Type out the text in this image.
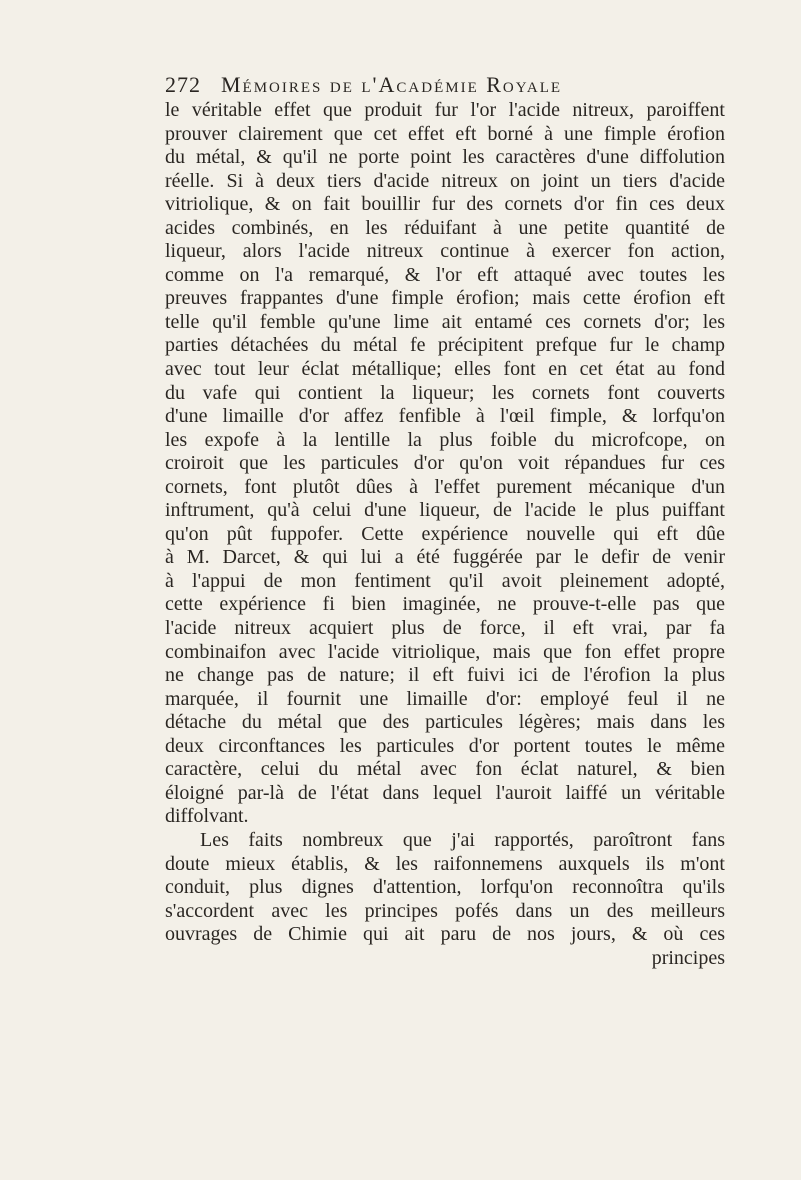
272 Mémoires de l'Académie Royale
le véritable effet que produit fur l'or l'acide nitreux, paroiffent
prouver clairement que cet effet eft borné à une fimple érofion
du métal, & qu'il ne porte point les caractères d'une diffolution
réelle. Si à deux tiers d'acide nitreux on joint un tiers d'acide
vitriolique, & on fait bouillir fur des cornets d'or fin ces deux
acides combinés, en les réduifant à une petite quantité de
liqueur, alors l'acide nitreux continue à exercer fon action,
comme on l'a remarqué, & l'or eft attaqué avec toutes les
preuves frappantes d'une fimple érofion; mais cette érofion eft
telle qu'il femble qu'une lime ait entamé ces cornets d'or; les
parties détachées du métal fe précipitent prefque fur le champ
avec tout leur éclat métallique; elles font en cet état au fond
du vafe qui contient la liqueur; les cornets font couverts
d'une limaille d'or affez fenfible à l'œil fimple, & lorfqu'on
les expofe à la lentille la plus foible du microfcope, on
croiroit que les particules d'or qu'on voit répandues fur ces
cornets, font plutôt dûes à l'effet purement mécanique d'un
inftrument, qu'à celui d'une liqueur, de l'acide le plus puiffant
qu'on pût fuppofer. Cette expérience nouvelle qui eft dûe
à M. Darcet, & qui lui a été fuggérée par le defir de venir
à l'appui de mon fentiment qu'il avoit pleinement adopté,
cette expérience fi bien imaginée, ne prouve-t-elle pas que
l'acide nitreux acquiert plus de force, il eft vrai, par fa
combinaifon avec l'acide vitriolique, mais que fon effet propre
ne change pas de nature; il eft fuivi ici de l'érofion la plus
marquée, il fournit une limaille d'or: employé feul il ne
détache du métal que des particules légères; mais dans les
deux circonftances les particules d'or portent toutes le même
caractère, celui du métal avec fon éclat naturel, & bien
éloigné par-là de l'état dans lequel l'auroit laiffé un véritable
diffolvant.
Les faits nombreux que j'ai rapportés, paroîtront fans
doute mieux établis, & les raifonnemens auxquels ils m'ont
conduit, plus dignes d'attention, lorfqu'on reconnoîtra qu'ils
s'accordent avec les principes pofés dans un des meilleurs
ouvrages de Chimie qui ait paru de nos jours, & où ces
principes
